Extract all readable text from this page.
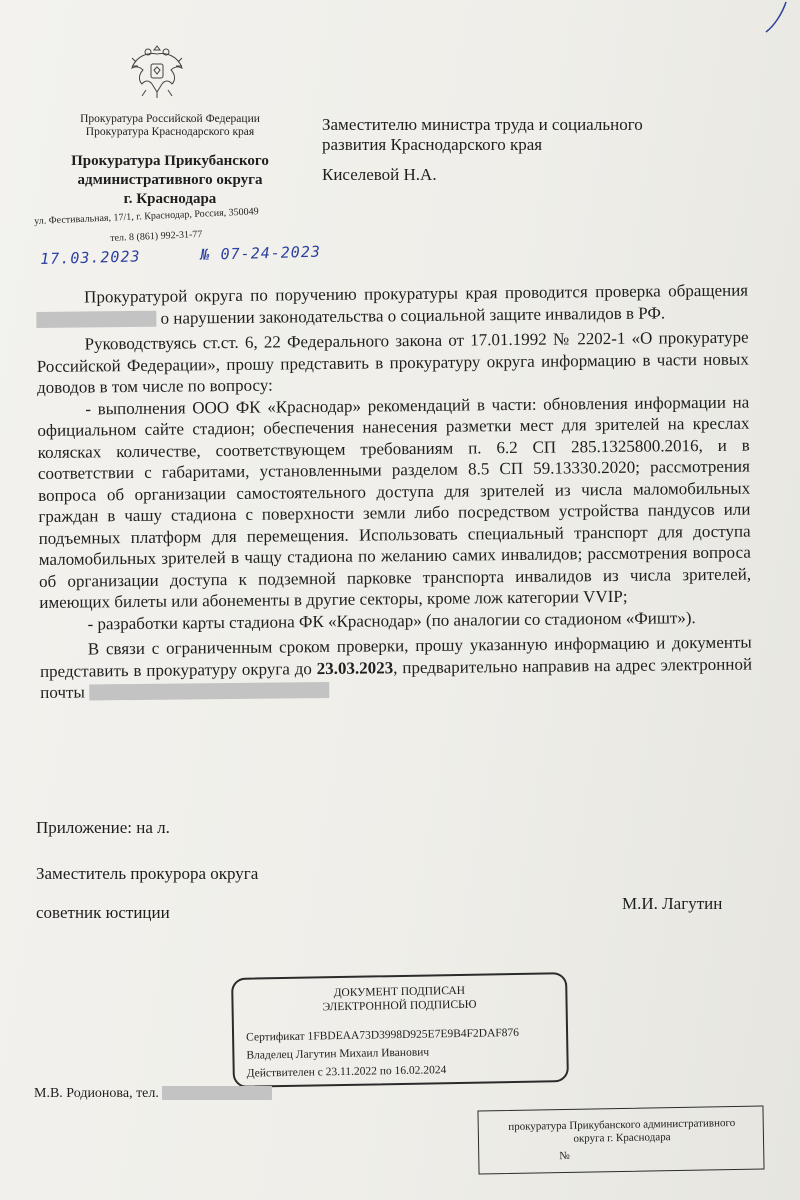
Прокуратура Российской Федерации
Прокуратура Краснодарского края
Прокуратура Прикубанского
административного округа
г. Краснодара
ул. Фестивальная, 17/1, г. Краснодар, Россия, 350049
тел. 8 (861) 992-31-77
17.03.2023	№ 07-24-2023
Заместителю министра труда и социального
развития Краснодарского края
Киселевой Н.А.

Прокуратурой округа по поручению прокуратуры края проводится проверка обращения  о нарушении законодательства о социальной защите инвалидов в РФ.

Руководствуясь ст.ст. 6, 22 Федерального закона от 17.01.1992 № 2202-1 «О прокуратуре Российской Федерации», прошу представить в прокуратуру округа информацию в части новых доводов в том числе по вопросу:

- выполнения ООО ФК «Краснодар» рекомендаций в части: обновления информации на официальном сайте стадион; обеспечения нанесения разметки мест для зрителей на креслах колясках количестве, соответствующем требованиям п. 6.2 СП 285.1325800.2016, и в соответствии с габаритами, установленными разделом 8.5 СП 59.13330.2020; рассмотрения вопроса об организации самостоятельного доступа для зрителей из числа маломобильных граждан в чашу стадиона с поверхности земли либо посредством устройства пандусов или подъемных платформ для перемещения. Использовать специальный транспорт для доступа маломобильных зрителей в чащу стадиона по желанию самих инвалидов; рассмотрения вопроса об организации доступа к подземной парковке транспорта инвалидов из числа зрителей, имеющих билеты или абонементы в другие секторы, кроме лож категории VVIP;

- разработки карты стадиона ФК «Краснодар» (по аналогии со стадионом «Фишт»).

В связи с ограниченным сроком проверки, прошу указанную информацию и документы представить в прокуратуру округа до 23.03.2023, предварительно направив на адрес электронной почты

Приложение: на л.
Заместитель прокурора округа
советник юстиции	М.И. Лагутин
ДОКУМЕНТ ПОДПИСАН
ЭЛЕКТРОННОЙ ПОДПИСЬЮ
Сертификат 1FBDEAA73D3998D925E7E9B4F2DAF876
Владелец Лагутин Михаил Иванович
Действителен с 23.11.2022 по 16.02.2024
М.В. Родионова, тел.
прокуратура Прикубанского административного
округа г. Краснодара
№
